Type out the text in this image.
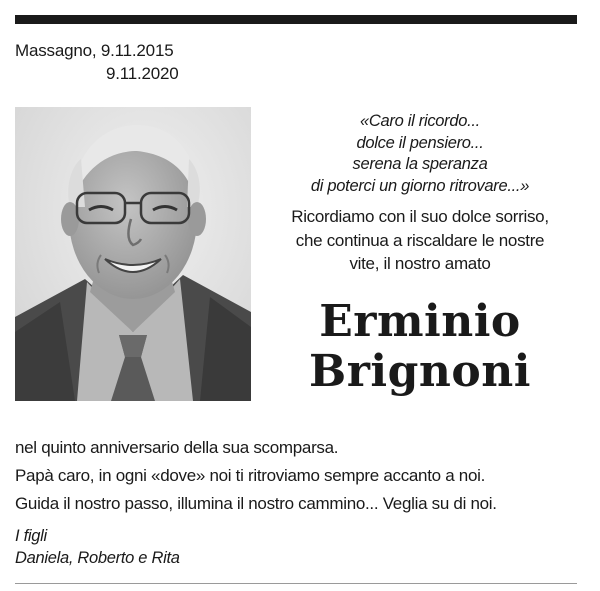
Massagno, 9.11.2015
9.11.2020
«Caro il ricordo...
dolce il pensiero...
serena la speranza
di poterci un giorno ritrovare...»
Ricordiamo con il suo dolce sorriso,
che continua a riscaldare le nostre
vite, il nostro amato
Erminio
Brignoni
nel quinto anniversario della sua scomparsa.
Papà caro, in ogni «dove» noi ti ritroviamo sempre accanto a noi.
Guida il nostro passo, illumina il nostro cammino... Veglia su di noi.
I figli
Daniela, Roberto e Rita
